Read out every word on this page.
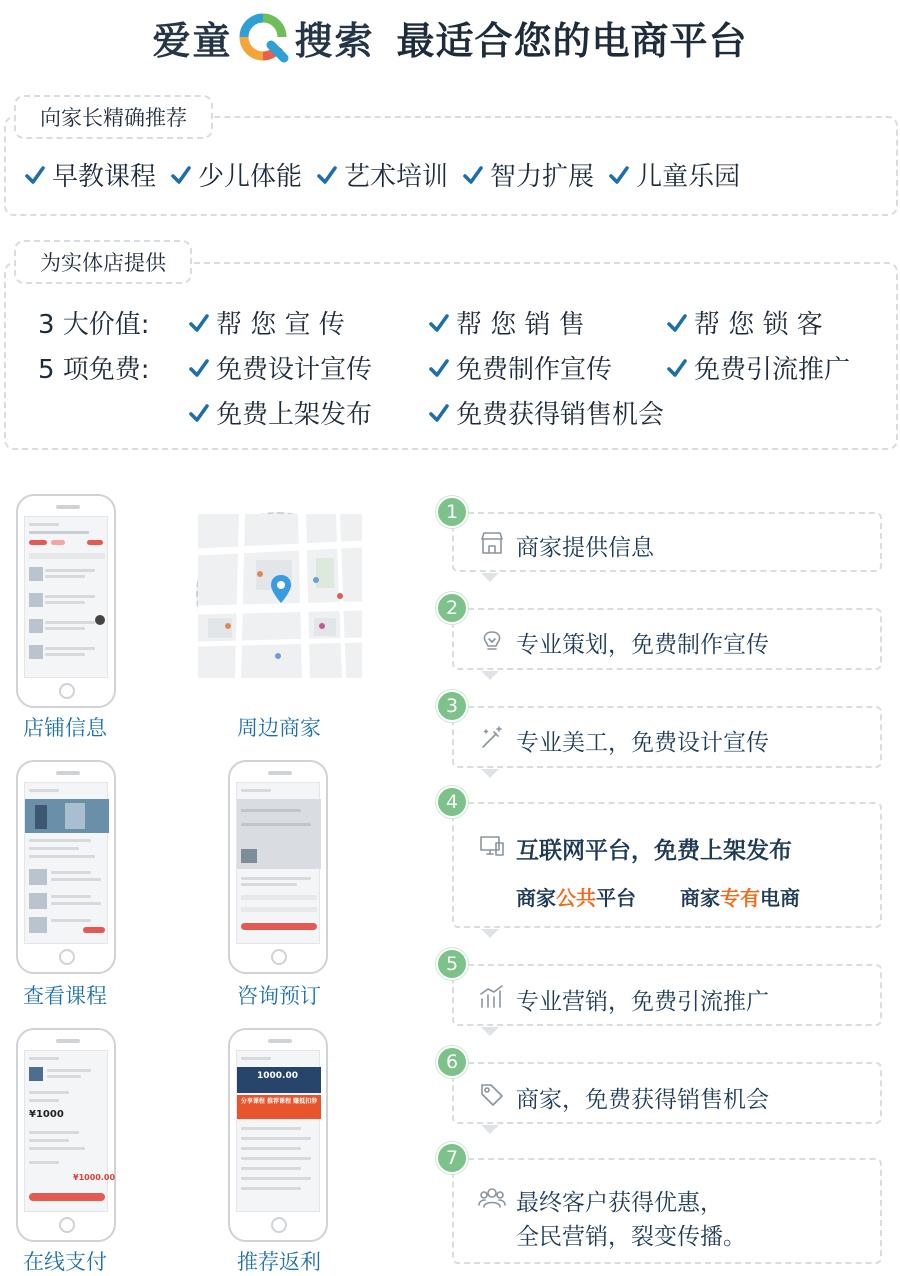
爱童 搜索 最适合您的电商平台
向家长精确推荐
早教课程 少儿体能 艺术培训 智力扩展 儿童乐园
为实体店提供
3 大价值:	帮 您 宣 传	帮 您 销 售	帮 您 锁 客
5 项免费:	免费设计宣传	免费制作宣传	免费引流推广
免费上架发布	免费获得销售机会
店铺信息	周边商家
查看课程	咨询预订
¥1000
¥1000.00
在线支付
1000.00
分享课程 推荐课程 赚抵扣券
推荐返利
商家提供信息
1
专业策划，免费制作宣传
2
专业美工，免费设计宣传
3
互联网平台，免费上架发布
商家公共平台 商家专有电商
4
专业营销，免费引流推广
5
商家，免费获得销售机会
6
最终客户获得优惠，
全民营销，裂变传播。
7
